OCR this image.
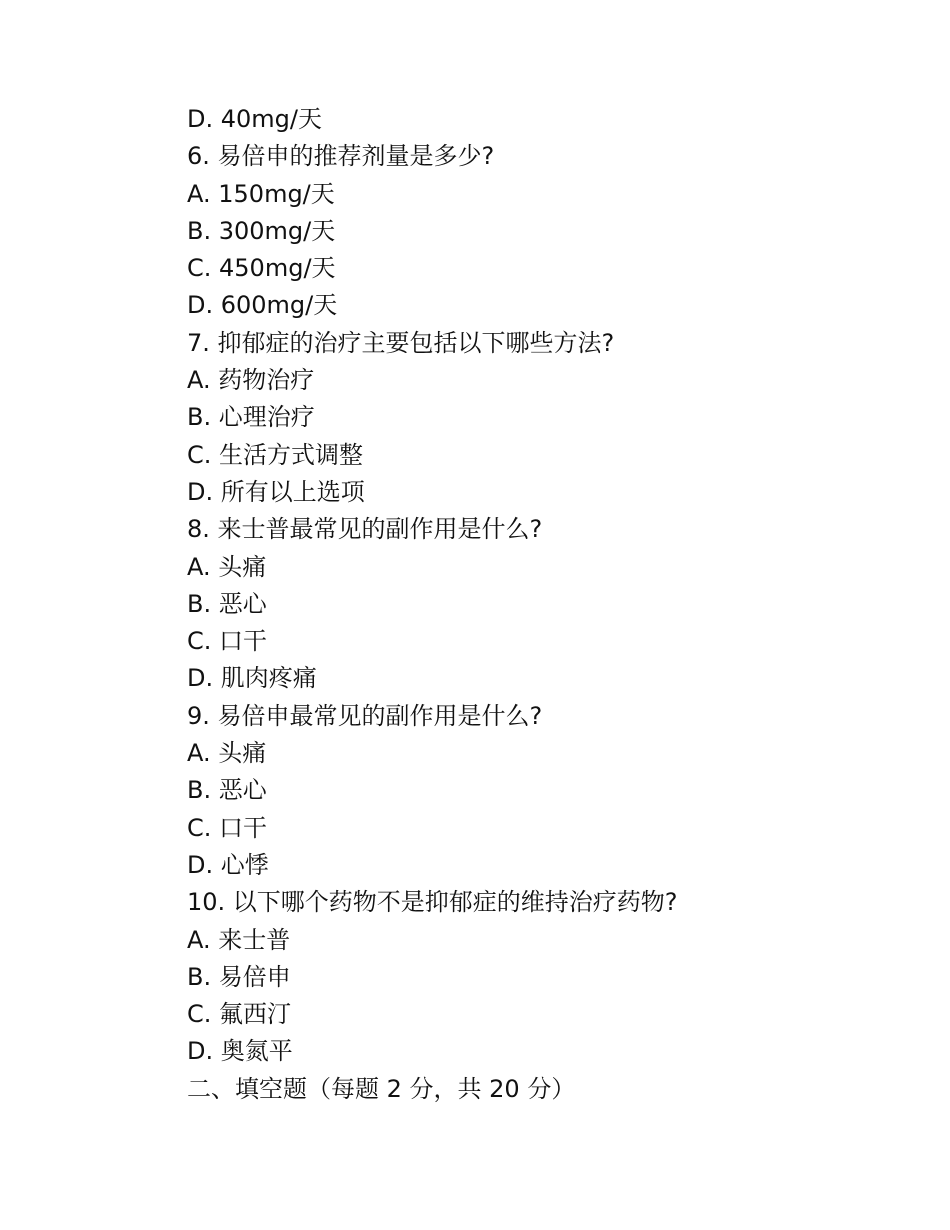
D. 40mg/天
6. 易倍申的推荐剂量是多少?
A. 150mg/天
B. 300mg/天
C. 450mg/天
D. 600mg/天
7. 抑郁症的治疗主要包括以下哪些方法?
A. 药物治疗
B. 心理治疗
C. 生活方式调整
D. 所有以上选项
8. 来士普最常见的副作用是什么?
A. 头痛
B. 恶心
C. 口干
D. 肌肉疼痛
9. 易倍申最常见的副作用是什么?
A. 头痛
B. 恶心
C. 口干
D. 心悸
10. 以下哪个药物不是抑郁症的维持治疗药物?
A. 来士普
B. 易倍申
C. 氟西汀
D. 奥氮平
二、填空题（每题 2 分，共 20 分）
